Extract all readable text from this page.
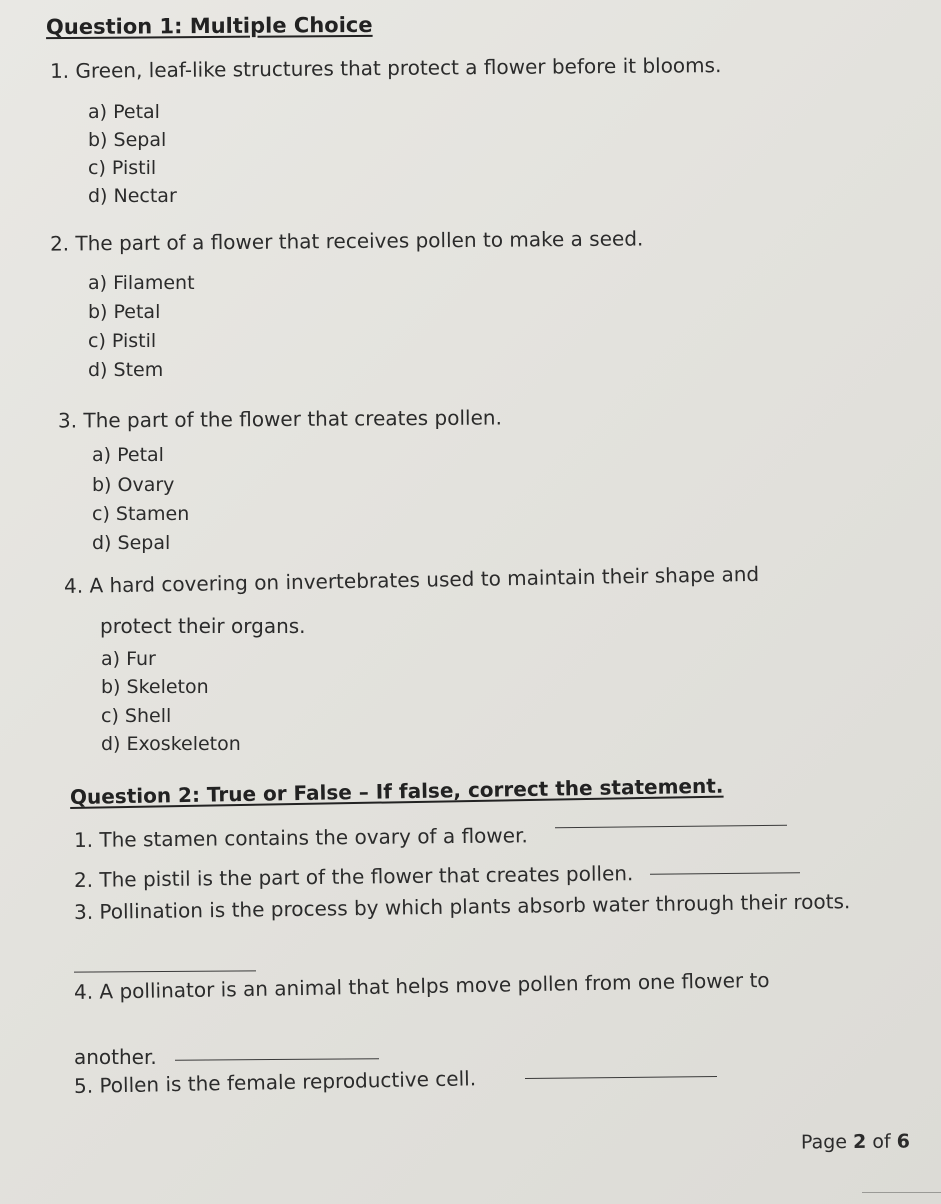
Question 1: Multiple Choice
1. Green, leaf-like structures that protect a flower before it blooms.
a) Petal
b) Sepal
c) Pistil
d) Nectar
2. The part of a flower that receives pollen to make a seed.
a) Filament
b) Petal
c) Pistil
d) Stem
3. The part of the flower that creates pollen.
a) Petal
b) Ovary
c) Stamen
d) Sepal
4. A hard covering on invertebrates used to maintain their shape and
protect their organs.
a) Fur
b) Skeleton
c) Shell
d) Exoskeleton
Question 2: True or False – If false, correct the statement.
1. The stamen contains the ovary of a flower.
2. The pistil is the part of the flower that creates pollen.
3. Pollination is the process by which plants absorb water through their roots.
4. A pollinator is an animal that helps move pollen from one flower to
another.
5. Pollen is the female reproductive cell.
Page 2 of 6
